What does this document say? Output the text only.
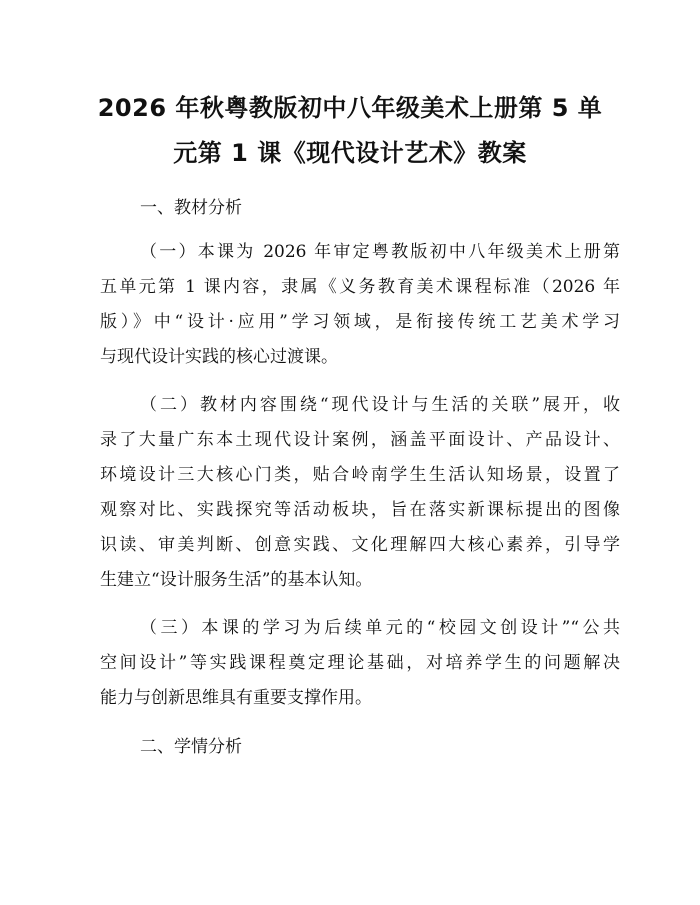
2026 年秋粤教版初中八年级美术上册第 5 单
元第 1 课《现代设计艺术》教案
一、教材分析
（一）本课为 2026 年审定粤教版初中八年级美术上册第
五单元第 1 课内容，隶属《义务教育美术课程标准（2026 年
版）》中“设计·应用”学习领域，是衔接传统工艺美术学习
与现代设计实践的核心过渡课。
（二）教材内容围绕“现代设计与生活的关联”展开，收
录了大量广东本土现代设计案例，涵盖平面设计、产品设计、
环境设计三大核心门类，贴合岭南学生生活认知场景，设置了
观察对比、实践探究等活动板块，旨在落实新课标提出的图像
识读、审美判断、创意实践、文化理解四大核心素养，引导学
生建立“设计服务生活”的基本认知。
（三）本课的学习为后续单元的“校园文创设计”“公共
空间设计”等实践课程奠定理论基础，对培养学生的问题解决
能力与创新思维具有重要支撑作用。
二、学情分析
